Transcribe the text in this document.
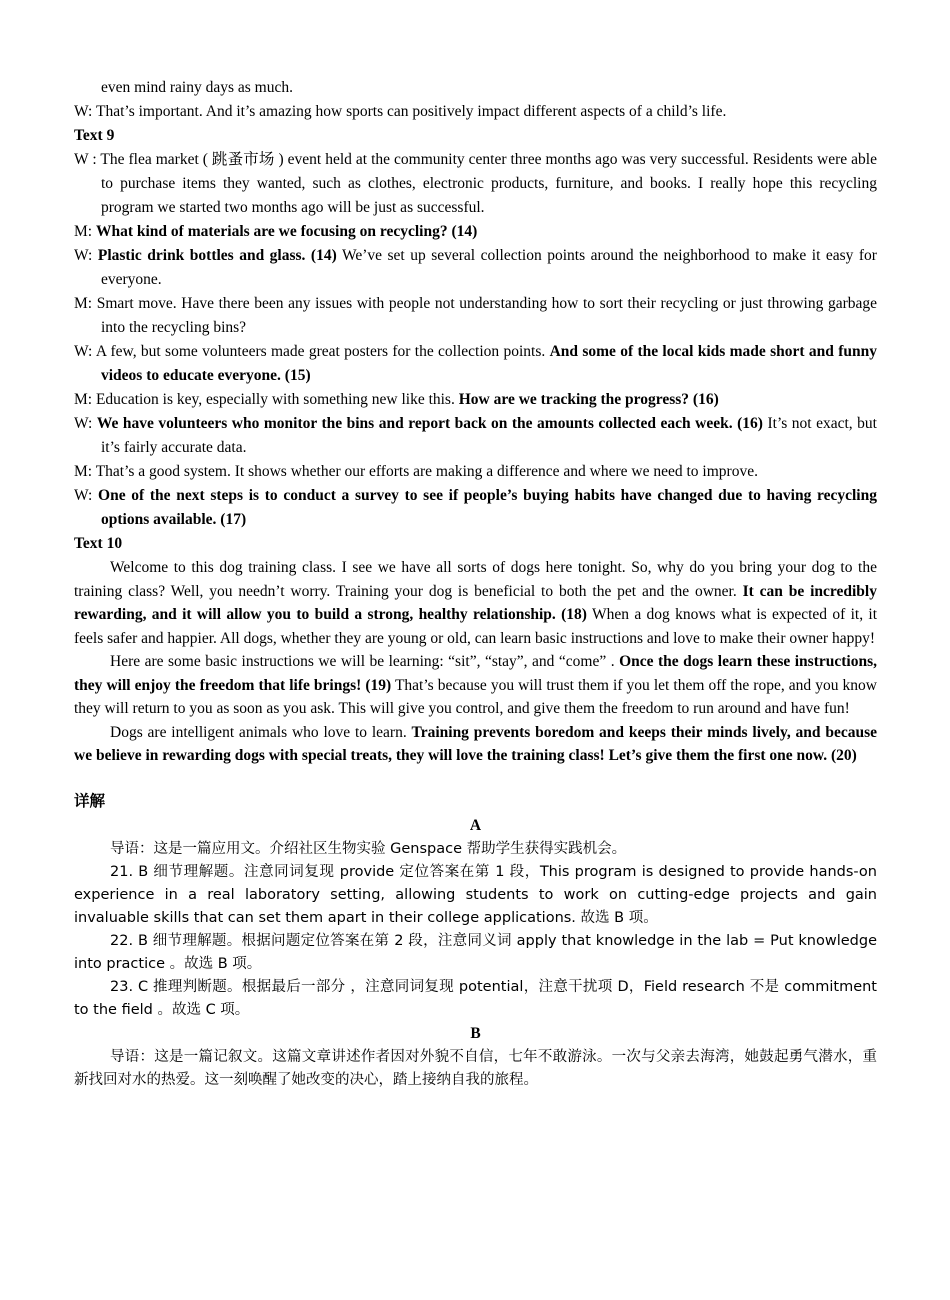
even mind rainy days as much.

W: That’s important. And it’s amazing how sports can positively impact different aspects of a child’s life.

Text 9

W : The flea market ( 跳蚤市场 ) event held at the community center three months ago was very successful. Residents were able to purchase items they wanted, such as clothes, electronic products, furniture, and books. I really hope this recycling program we started two months ago will be just as successful.

M: What kind of materials are we focusing on recycling? (14)

W: Plastic drink bottles and glass. (14) We’ve set up several collection points around the neighborhood to make it easy for everyone.

M: Smart move. Have there been any issues with people not understanding how to sort their recycling or just throwing garbage into the recycling bins?

W: A few, but some volunteers made great posters for the collection points. And some of the local kids made short and funny videos to educate everyone. (15)

M: Education is key, especially with something new like this. How are we tracking the progress? (16)

W: We have volunteers who monitor the bins and report back on the amounts collected each week. (16) It’s not exact, but it’s fairly accurate data.

M: That’s a good system. It shows whether our efforts are making a difference and where we need to improve.

W: One of the next steps is to conduct a survey to see if people’s buying habits have changed due to having recycling options available. (17)

Text 10

Welcome to this dog training class. I see we have all sorts of dogs here tonight. So, why do you bring your dog to the training class? Well, you needn’t worry. Training your dog is beneficial to both the pet and the owner. It can be incredibly rewarding, and it will allow you to build a strong, healthy relationship. (18) When a dog knows what is expected of it, it feels safer and happier. All dogs, whether they are young or old, can learn basic instructions and love to make their owner happy!

Here are some basic instructions we will be learning: “sit”, “stay”, and “come” . Once the dogs learn these instructions, they will enjoy the freedom that life brings! (19) That’s because you will trust them if you let them off the rope, and you know they will return to you as soon as you ask. This will give you control, and give them the freedom to run around and have fun!

Dogs are intelligent animals who love to learn. Training prevents boredom and keeps their minds lively, and because we believe in rewarding dogs with special treats, they will love the training class! Let’s give them the first one now. (20)

详解

A

导语：这是一篇应用文。介绍社区生物实验 Genspace 帮助学生获得实践机会。

21. B 细节理解题。注意同词复现 provide 定位答案在第 1 段，This program is designed to provide hands-on experience in a real laboratory setting, allowing students to work on cutting-edge projects and gain invaluable skills that can set them apart in their college applications. 故选 B 项。

22. B 细节理解题。根据问题定位答案在第 2 段，注意同义词 apply that knowledge in the lab = Put knowledge into practice 。故选 B 项。

23. C 推理判断题。根据最后一部分 ，注意同词复现 potential，注意干扰项 D，Field research 不是 commitment to the field 。故选 C 项。

B

导语：这是一篇记叙文。这篇文章讲述作者因对外貌不自信，七年不敢游泳。一次与父亲去海湾，她鼓起勇气潜水，重新找回对水的热爱。这一刻唤醒了她改变的决心，踏上接纳自我的旅程。
